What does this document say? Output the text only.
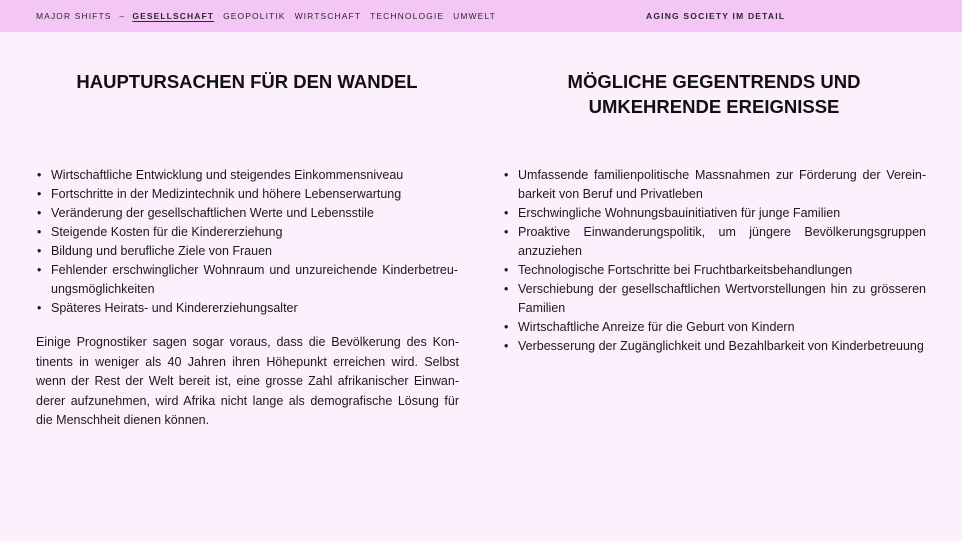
MAJOR SHIFTS – GESELLSCHAFT GEOPOLITIK WIRTSCHAFT TECHNOLOGIE UMWELT	AGING SOCIETY IM DETAIL
HAUPTURSACHEN FÜR DEN WANDEL	MÖGLICHE GEGENTRENDS UND UMKEHRENDE EREIGNISSE
• Wirtschaftliche Entwicklung und steigendes Einkommensniveau
• Fortschritte in der Medizintechnik und höhere Lebenserwartung
• Veränderung der gesellschaftlichen Werte und Lebensstile
• Steigende Kosten für die Kindererziehung
• Bildung und berufliche Ziele von Frauen
• Fehlender erschwinglicher Wohnraum und unzureichende Kinderbetreuungsmöglichkeiten
• Späteres Heirats- und Kindererziehungsalter

Einige Prognostiker sagen sogar voraus, dass die Bevölkerung des Kontinents in weniger als 40 Jahren ihren Höhepunkt erreichen wird. Selbst wenn der Rest der Welt bereit ist, eine grosse Zahl afrikanischer Einwanderer aufzunehmen, wird Afrika nicht lange als demografische Lösung für die Menschheit dienen können.

• Umfassende familienpolitische Massnahmen zur Förderung der Vereinbarkeit von Beruf und Privatleben
• Erschwingliche Wohnungsbauinitiativen für junge Familien
• Proaktive Einwanderungspolitik, um jüngere Bevölkerungsgruppen anzuziehen
• Technologische Fortschritte bei Fruchtbarkeitsbehandlungen
• Verschiebung der gesellschaftlichen Wertvorstellungen hin zu grösseren Familien
• Wirtschaftliche Anreize für die Geburt von Kindern
• Verbesserung der Zugänglichkeit und Bezahlbarkeit von Kinderbetreuung
